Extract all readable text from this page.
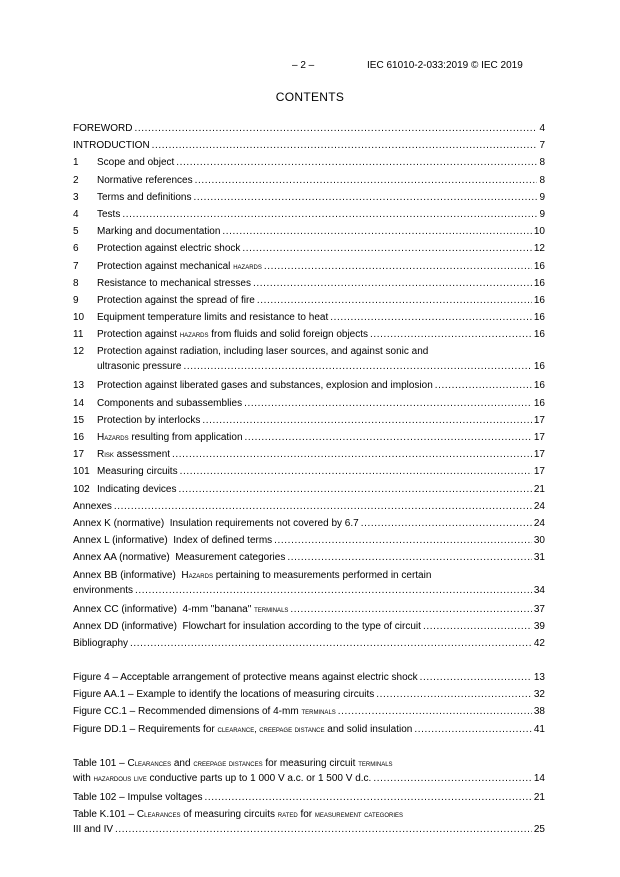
– 2 –	IEC 61010-2-033:2019 © IEC 2019
CONTENTS
FOREWORD .....	4
INTRODUCTION .....	7
1	Scope and object .....	8
2	Normative references .....	8
3	Terms and definitions .....	9
4	Tests .....	9
5	Marking and documentation .....	10
6	Protection against electric shock .....	12
7	Protection against mechanical hazards .....	16
8	Resistance to mechanical stresses .....	16
9	Protection against the spread of fire .....	16
10	Equipment temperature limits and resistance to heat .....	16
11	Protection against hazards from fluids and solid foreign objects .....	16
12 Protection against radiation, including laser sources, and against sonic and
ultrasonic pressure .....	16
13	Protection against liberated gases and substances, explosion and implosion .....	16
14	Components and subassemblies .....	16
15	Protection by interlocks .....	17
16	Hazards resulting from application .....	17
17	Risk assessment .....	17
101 Measuring circuits .....	17
102 Indicating devices .....	21
Annexes .....	24
Annex K (normative)  Insulation requirements not covered by 6.7 .....	24
Annex L (informative)  Index of defined terms .....	30
Annex AA (normative)  Measurement categories .....	31
Annex BB (informative)  Hazards pertaining to measurements performed in certain
environments .....	34
Annex CC (informative)  4-mm "banana" terminals .....	37
Annex DD (informative)  Flowchart for insulation according to the type of circuit .....	39
Bibliography .....	42
Figure 4 – Acceptable arrangement of protective means against electric shock .....	13
Figure AA.1 – Example to identify the locations of measuring circuits .....	32
Figure CC.1 – Recommended dimensions of 4-mm terminals .....	38
Figure DD.1 – Requirements for clearance, creepage distance and solid insulation .....	41
Table 101 – Clearances and creepage distances for measuring circuit terminals
with hazardous live conductive parts up to 1 000 V a.c. or 1 500 V d.c. .....	14
Table 102 – Impulse voltages .....	21
Table K.101 – Clearances of measuring circuits rated for measurement categories
III and IV .....	25
